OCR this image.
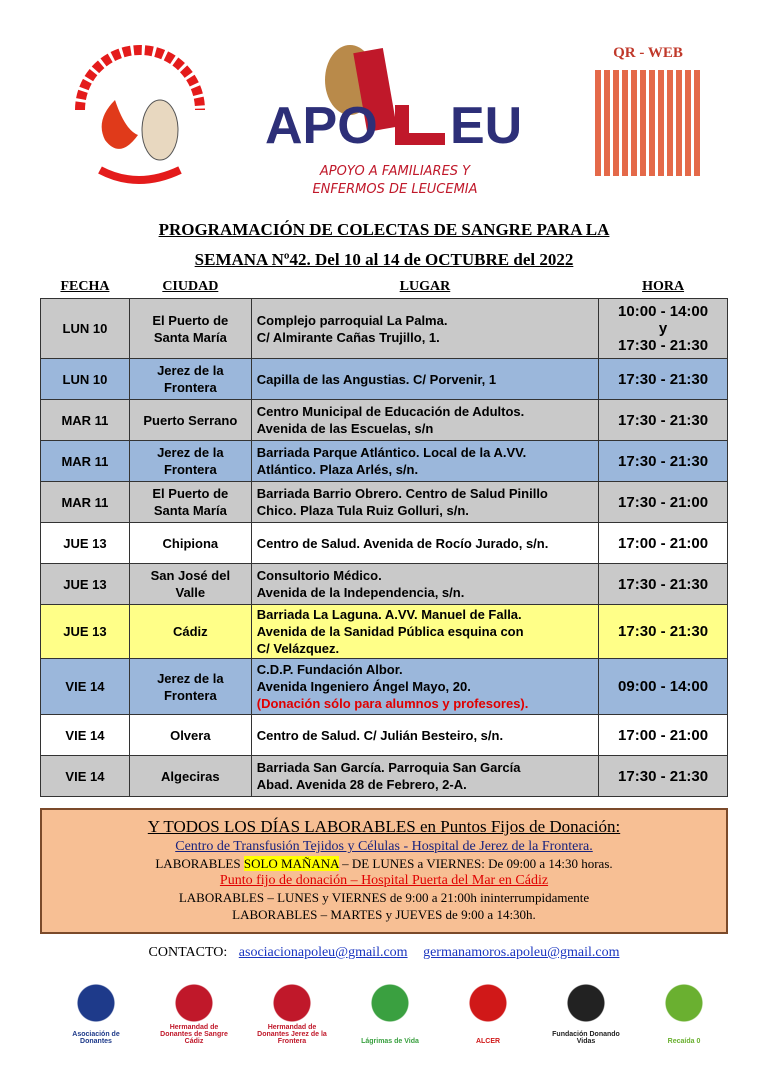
APO EU
APOYO A FAMILIARES Y
ENFERMOS DE LEUCEMIA
QR - WEB
PROGRAMACIÓN DE COLECTAS DE SANGRE PARA LA
SEMANA Nº42. Del 10 al 14 de OCTUBRE del 2022
FECHA	CIUDAD	LUGAR	HORA
LUN 10	El Puerto de Santa María	Complejo parroquial La Palma.
C/ Almirante Cañas Trujillo, 1.	10:00 - 14:00
y
17:30 - 21:30
LUN 10	Jerez de la Frontera	Capilla de las Angustias. C/ Porvenir, 1	17:30 - 21:30
MAR 11	Puerto Serrano	Centro Municipal de Educación de Adultos.
Avenida de las Escuelas, s/n	17:30 - 21:30
MAR 11	Jerez de la Frontera	Barriada Parque Atlántico. Local de la A.VV.
Atlántico. Plaza Arlés, s/n.	17:30 - 21:30
MAR 11	El Puerto de Santa María	Barriada Barrio Obrero. Centro de Salud Pinillo
Chico. Plaza Tula Ruiz Golluri, s/n.	17:30 - 21:00
JUE 13	Chipiona	Centro de Salud. Avenida de Rocío Jurado, s/n.	17:00 - 21:00
JUE 13	San José del Valle	Consultorio Médico.
Avenida de la Independencia, s/n.	17:30 - 21:30
JUE 13	Cádiz	Barriada La Laguna. A.VV. Manuel de Falla.
Avenida de la Sanidad Pública esquina con
C/ Velázquez.	17:30 - 21:30
VIE 14	Jerez de la Frontera	C.D.P. Fundación Albor.
Avenida Ingeniero Ángel Mayo, 20.
(Donación sólo para alumnos y profesores).	09:00 - 14:00
VIE 14	Olvera	Centro de Salud. C/ Julián Besteiro, s/n.	17:00 - 21:00
VIE 14	Algeciras	Barriada San García. Parroquia San García
Abad. Avenida 28 de Febrero, 2-A.	17:30 - 21:30
Y TODOS LOS DÍAS LABORABLES en Puntos Fijos de Donación:
Centro de Transfusión Tejidos y Células - Hospital de Jerez de la Frontera.
LABORABLES SOLO MAÑANA – DE LUNES a VIERNES: De 09:00 a 14:30 horas.
Punto fijo de donación – Hospital Puerta del Mar en Cádiz
LABORABLES – LUNES y VIERNES de 9:00 a 21:00h ininterrumpidamente
LABORABLES – MARTES y JUEVES de 9:00 a 14:30h.
CONTACTO: asociacionapoleu@gmail.com germanamoros.apoleu@gmail.com
Asociación de Donantes
Hermandad de Donantes de Sangre Cádiz
Hermandad de Donantes Jerez de la Frontera	Lágrimas de Vida	ALCER
Fundación Donando Vidas	Recaída 0
